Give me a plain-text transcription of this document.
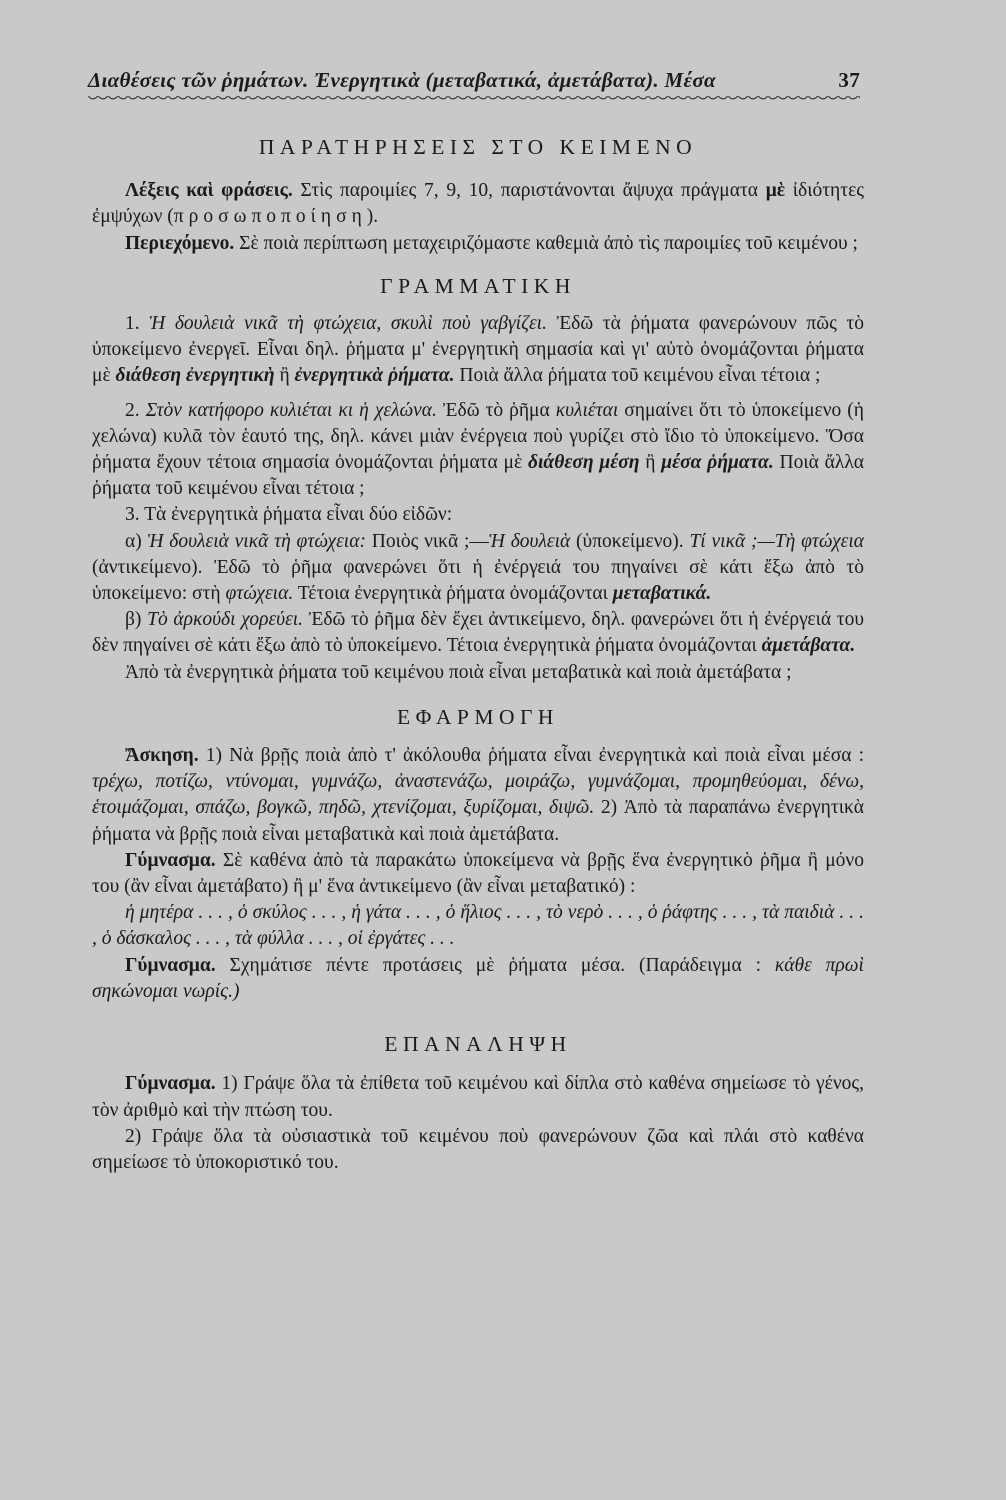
Διαθέσεις τῶν ῥημάτων. Ἐνεργητικὰ (μεταβατικά, ἀμετάβατα). Μέσα	37
ΠΑΡΑΤΗΡΗΣΕΙΣ ΣΤΟ ΚΕΙΜΕΝΟ

Λέξεις καὶ φράσεις. Στὶς παροιμίες 7, 9, 10, παριστάνονται ἄψυχα πράγματα μὲ ἰδιότητες ἐμψύχων (προσωποποίηση).

Περιεχόμενο. Σὲ ποιὰ περίπτωση μεταχειριζόμαστε καθεμιὰ ἀπὸ τὶς παροιμίες τοῦ κειμένου ;

ΓΡΑΜΜΑΤΙΚΗ

1. Ἡ δουλειὰ νικᾶ τὴ φτώχεια, σκυλὶ ποὺ γαβγίζει. Ἐδῶ τὰ ῥήματα φανερώνουν πῶς τὸ ὑποκείμενο ἐνεργεῖ. Εἶναι δηλ. ῥήματα μ' ἐνεργητικὴ σημασία καὶ γι' αὐτὸ ὀνομάζονται ῥήματα μὲ διάθεση ἐνεργητικὴ ἢ ἐνεργητικὰ ῥήματα. Ποιὰ ἄλλα ῥήματα τοῦ κειμένου εἶναι τέτοια ;

2. Στὸν κατήφορο κυλιέται κι ἡ χελώνα. Ἐδῶ τὸ ῥῆμα κυλιέται σημαίνει ὅτι τὸ ὑποκείμενο (ἡ χελώνα) κυλᾶ τὸν ἑαυτό της, δηλ. κάνει μιὰν ἐνέργεια ποὺ γυρίζει στὸ ἴδιο τὸ ὑποκείμενο. Ὅσα ῥήματα ἔχουν τέτοια σημασία ὀνομάζονται ῥήματα μὲ διάθεση μέση ἢ μέσα ῥήματα. Ποιὰ ἄλλα ῥήματα τοῦ κειμένου εἶναι τέτοια ;

3. Τὰ ἐνεργητικὰ ῥήματα εἶναι δύο εἰδῶν:

α) Ἡ δουλειὰ νικᾶ τὴ φτώχεια: Ποιὸς νικᾶ ;—Ἡ δουλειὰ (ὑποκείμενο). Τί νικᾶ ;—Τὴ φτώχεια (ἀντικείμενο). Ἐδῶ τὸ ῥῆμα φανερώνει ὅτι ἡ ἐνέργειά του πηγαίνει σὲ κάτι ἔξω ἀπὸ τὸ ὑποκείμενο: στὴ φτώχεια. Τέτοια ἐνεργητικὰ ῥήματα ὀνομάζονται μεταβατικά.

β) Τὸ ἀρκούδι χορεύει. Ἐδῶ τὸ ῥῆμα δὲν ἔχει ἀντικείμενο, δηλ. φανερώνει ὅτι ἡ ἐνέργειά του δὲν πηγαίνει σὲ κάτι ἔξω ἀπὸ τὸ ὑποκείμενο. Τέτοια ἐνεργητικὰ ῥήματα ὀνομάζονται ἀμετάβατα.

Ἀπὸ τὰ ἐνεργητικὰ ῥήματα τοῦ κειμένου ποιὰ εἶναι μεταβατικὰ καὶ ποιὰ ἀμετάβατα ;

ΕΦΑΡΜΟΓΗ

Ἄσκηση. 1) Νὰ βρῇς ποιὰ ἀπὸ τ' ἀκόλουθα ῥήματα εἶναι ἐνεργητικὰ καὶ ποιὰ εἶναι μέσα : τρέχω, ποτίζω, ντύνομαι, γυμνάζω, ἀναστενάζω, μοιράζω, γυμνάζομαι, προμηθεύομαι, δένω, ἑτοιμάζομαι, σπάζω, βογκῶ, πηδῶ, χτενίζομαι, ξυρίζομαι, διψῶ. 2) Ἀπὸ τὰ παραπάνω ἐνεργητικὰ ῥήματα νὰ βρῇς ποιὰ εἶναι μεταβατικὰ καὶ ποιὰ ἀμετάβατα.

Γύμνασμα. Σὲ καθένα ἀπὸ τὰ παρακάτω ὑποκείμενα νὰ βρῇς ἕνα ἐνεργητικὸ ῥῆμα ἢ μόνο του (ἂν εἶναι ἀμετάβατο) ἢ μ' ἕνα ἀντικείμενο (ἂν εἶναι μεταβατικό) :

ἡ μητέρα . . . , ὁ σκύλος . . . , ἡ γάτα . . . , ὁ ἥλιος . . . , τὸ νερὸ . . . , ὁ ῥάφτης . . . , τὰ παιδιὰ . . . , ὁ δάσκαλος . . . , τὰ φύλλα . . . , οἱ ἐργάτες . . .

Γύμνασμα. Σχημάτισε πέντε προτάσεις μὲ ῥήματα μέσα. (Παράδειγμα : κάθε πρωὶ σηκώνομαι νωρίς.)

ΕΠΑΝΑΛΗΨΗ

Γύμνασμα. 1) Γράψε ὅλα τὰ ἐπίθετα τοῦ κειμένου καὶ δίπλα στὸ καθένα σημείωσε τὸ γένος, τὸν ἀριθμὸ καὶ τὴν πτώση του.

2) Γράψε ὅλα τὰ οὐσιαστικὰ τοῦ κειμένου ποὺ φανερώνουν ζῶα καὶ πλάι στὸ καθένα σημείωσε τὸ ὑποκοριστικό του.
